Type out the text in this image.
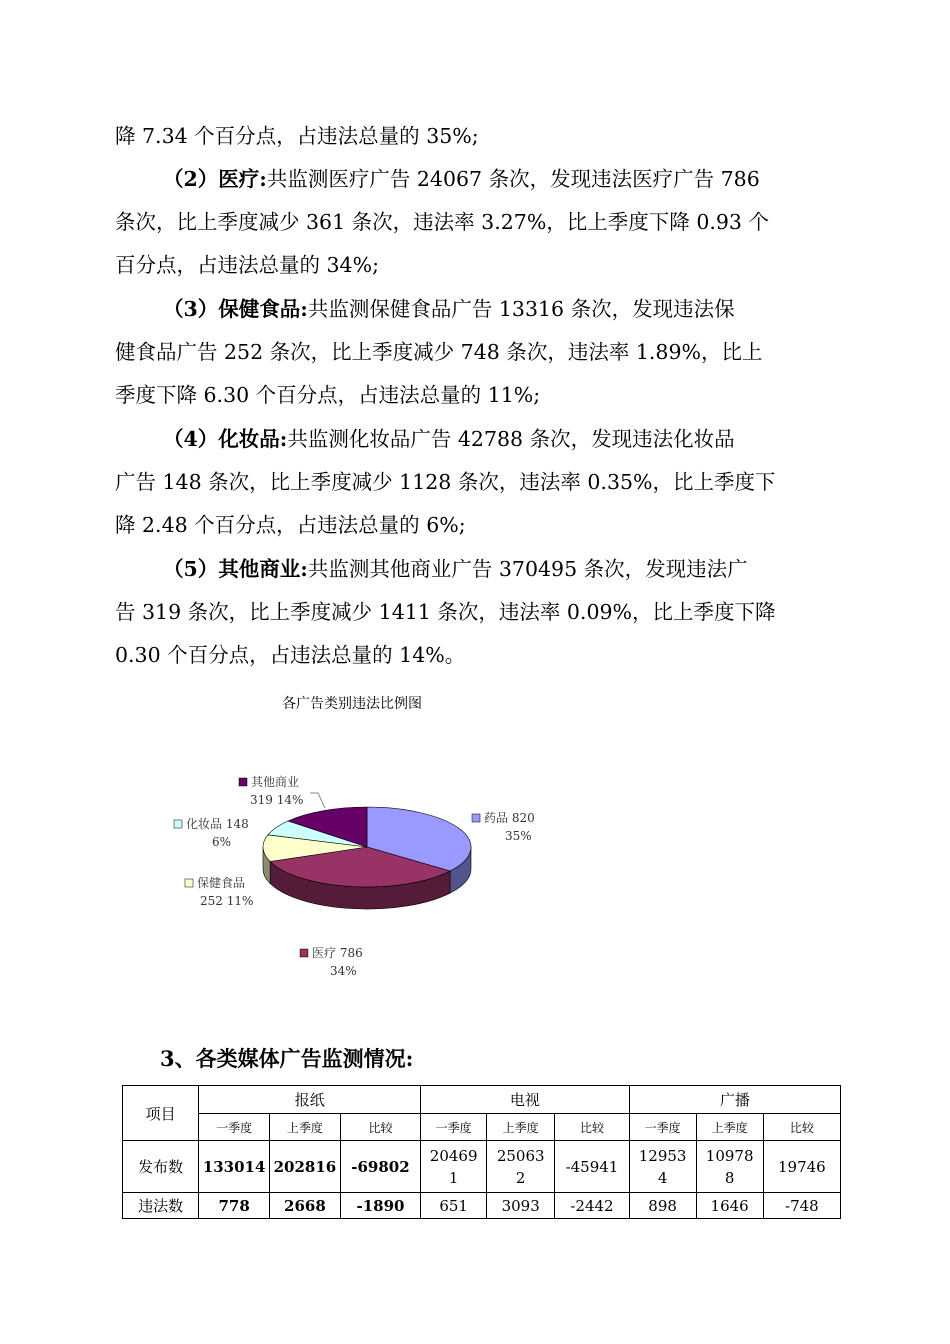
降 7.34 个百分点，占违法总量的 35%;
（2）医疗:共监测医疗广告 24067 条次，发现违法医疗广告 786
条次，比上季度减少 361 条次，违法率 3.27%，比上季度下降 0.93 个
百分点，占违法总量的 34%;
（3）保健食品:共监测保健食品广告 13316 条次，发现违法保
健食品广告 252 条次，比上季度减少 748 条次，违法率 1.89%，比上
季度下降 6.30 个百分点，占违法总量的 11%;
（4）化妆品:共监测化妆品广告 42788 条次，发现违法化妆品
广告 148 条次，比上季度减少 1128 条次，违法率 0.35%，比上季度下
降 2.48 个百分点，占违法总量的 6%;
（5）其他商业:共监测其他商业广告 370495 条次，发现违法广
告 319 条次，比上季度减少 1411 条次，违法率 0.09%，比上季度下降
0.30 个百分点，占违法总量的 14%。
各广告类别违法比例图
药品 820
35%
医疗 786
34%
保健食品
252 11%
化妆品 148
6%
其他商业
319 14%
3、各类媒体广告监测情况:
项目	报纸			电视			广播		
	一季度	上季度	比较	一季度	上季度	比较	一季度	上季度	比较
发布数	133014	202816	-69802	204691	250632	-45941	129534	109788	19746
违法数	778	2668	-1890	651	3093	-2442	898	1646	-748
